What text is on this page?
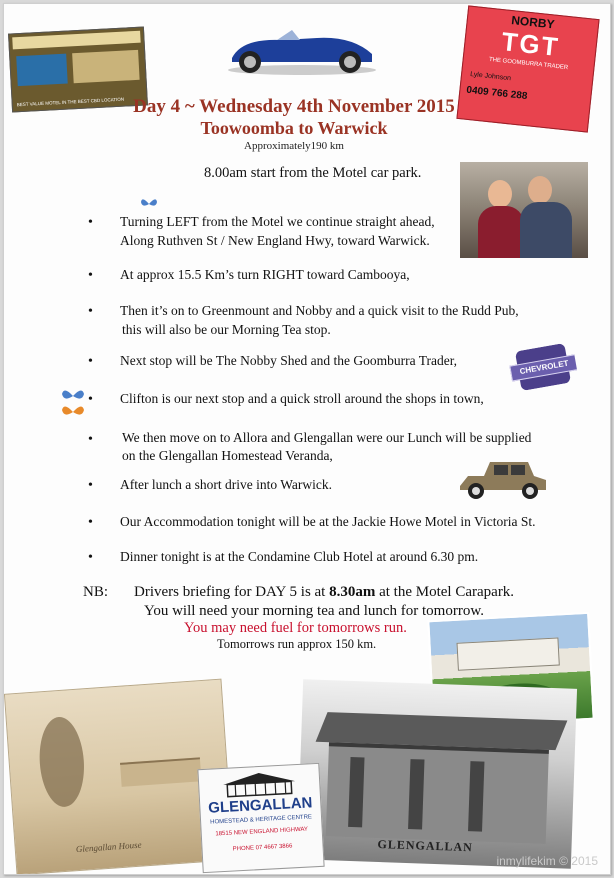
BEST VALUE MOTEL IN THE BEST CBD LOCATION
NORBY
TGT
THE GOOMBURRA TRADER
Lyle Johnson
0409 766 288
Day 4 ~ Wednesday 4th November 2015
Toowoomba to Warwick
Approximately190 km
8.00am start from the Motel car park.
• Turning LEFT from the Motel we continue straight ahead,
Along Ruthven St / New England Hwy, toward Warwick.
• At approx 15.5 Km’s turn RIGHT toward Cambooya,
• Then it’s on to Greenmount and Nobby and a quick visit to the Rudd Pub,
this will also be our Morning Tea stop.
• Next stop will be The Nobby Shed and the Goomburra Trader,	CHEVROLET
• Clifton is our next stop and a quick stroll around the shops in town,
• We then move on to Allora and Glengallan were our Lunch will be supplied
on the Glengallan Homestead Veranda,
• After lunch a short drive into Warwick.
• Our Accommodation tonight will be at the Jackie Howe Motel in Victoria St.
• Dinner tonight is at the Condamine Club Hotel at around 6.30 pm.
NB: Drivers briefing for DAY 5 is at 8.30am at the Motel Carapark.
You will need your morning tea and lunch for tomorrow.
You may need fuel for tomorrows run.
Tomorrows run approx 150 km.
Glengallan House	GLENGALLAN
GLENGALLAN
HOMESTEAD & HERITAGE CENTRE
18515 NEW ENGLAND HIGHWAY
PHONE 07 4667 3866
inmylifekim © 2015
